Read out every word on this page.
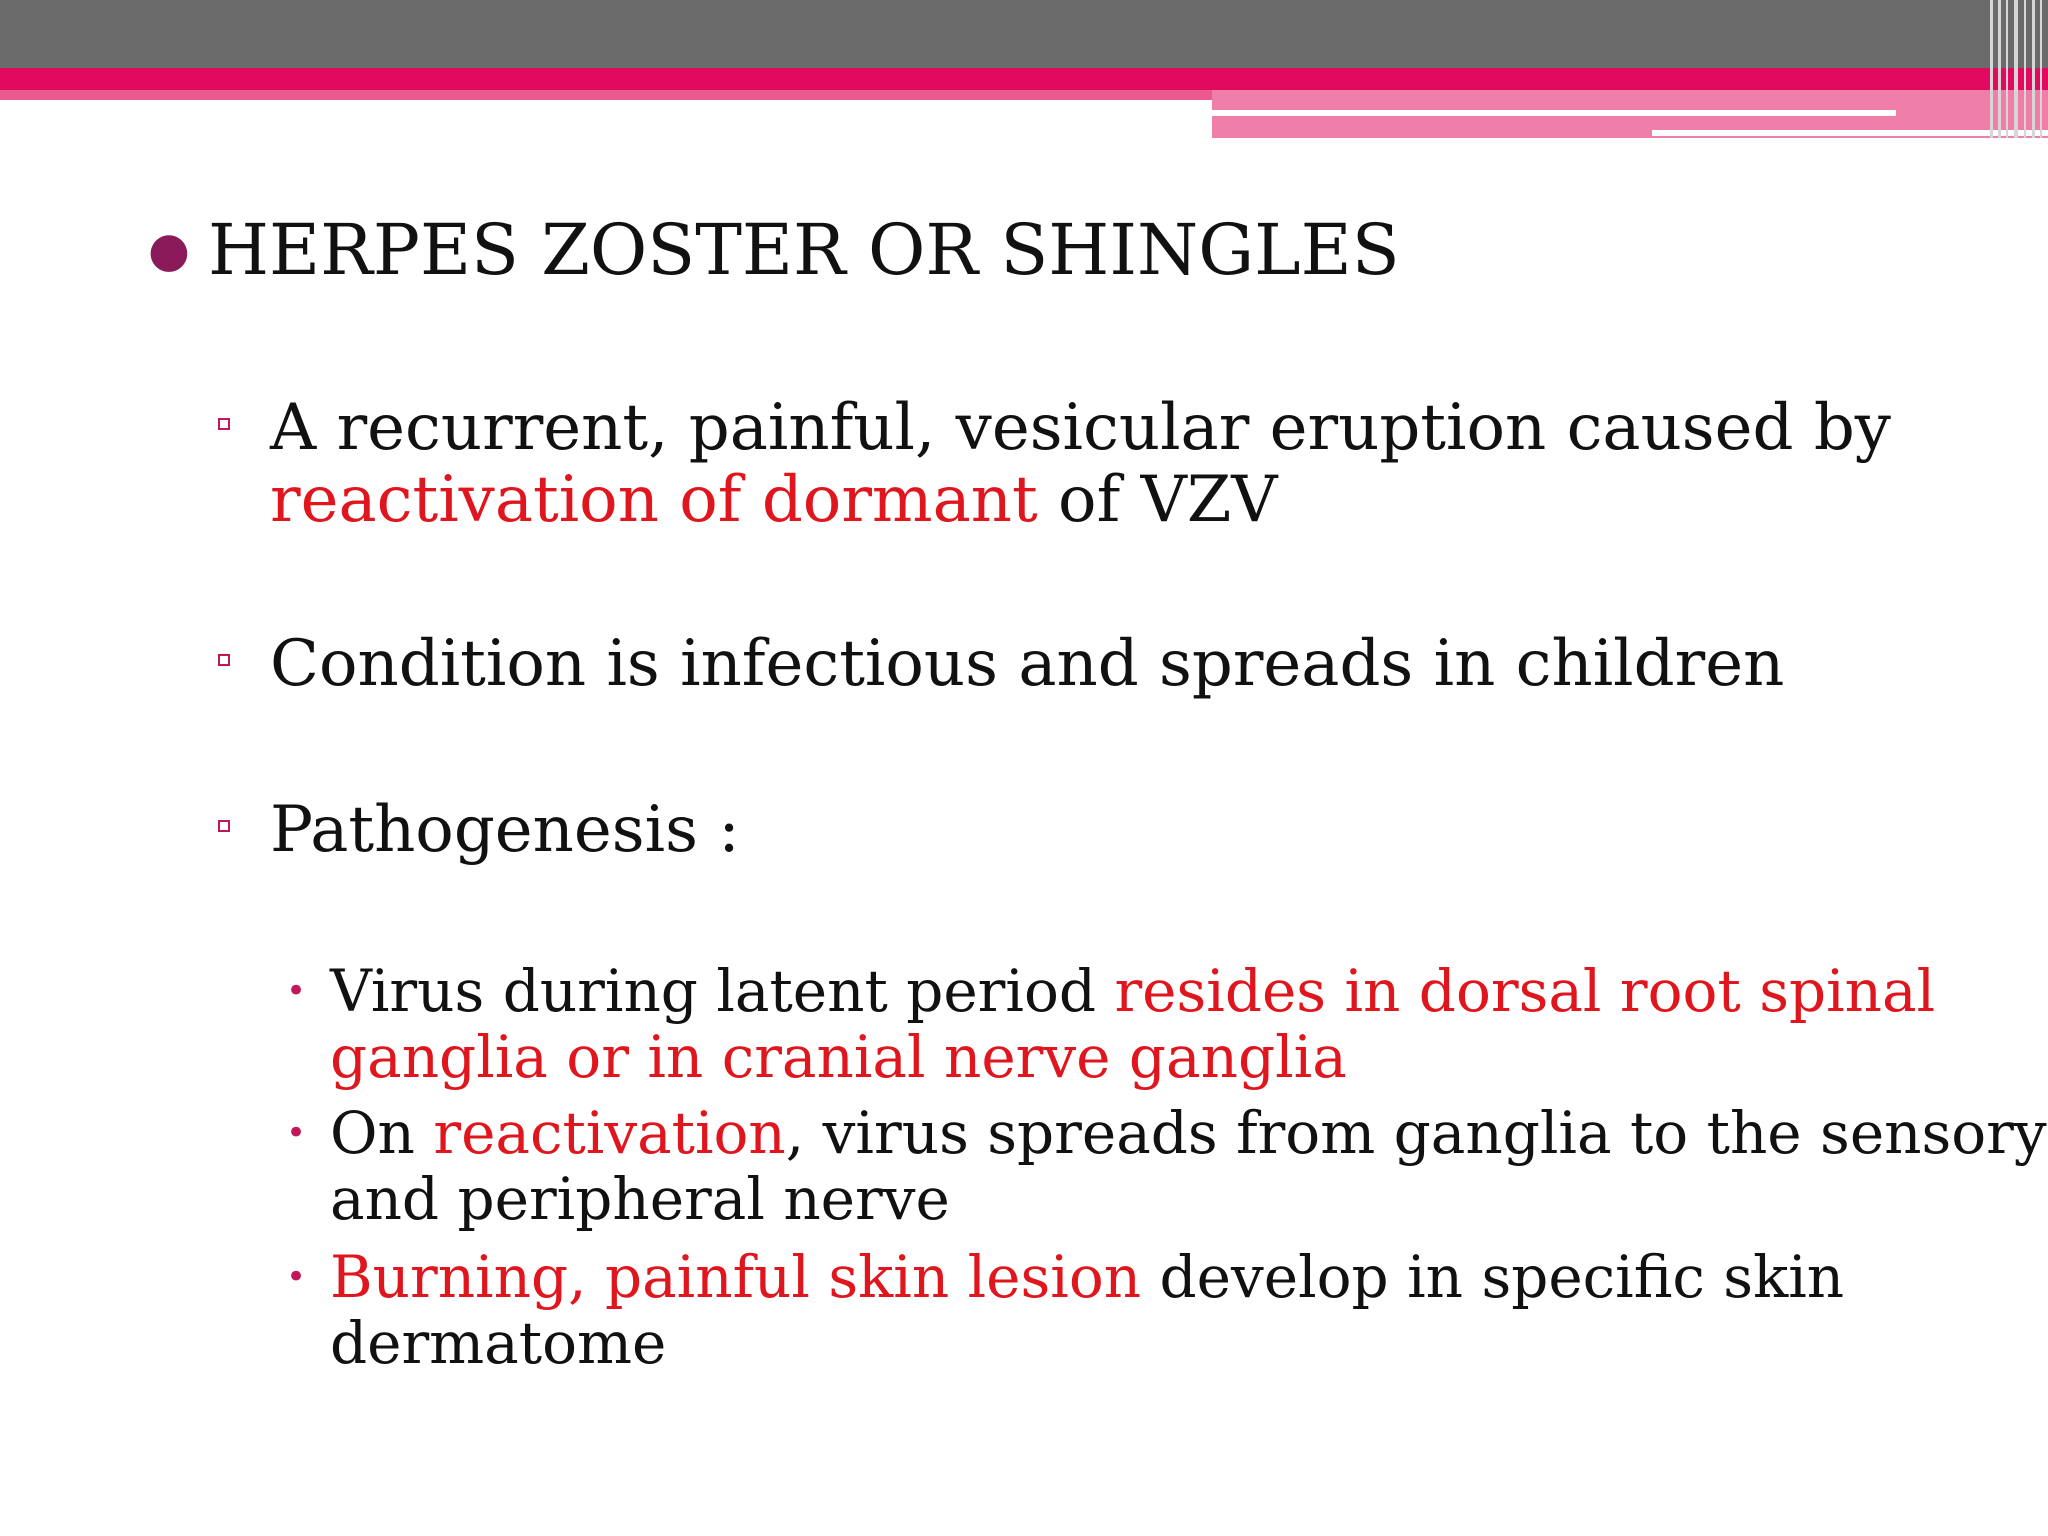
● HERPES ZOSTER OR SHINGLES
A recurrent, painful, vesicular eruption caused by
reactivation of dormant of VZV
Condition is infectious and spreads in children
Pathogenesis :
• Virus during latent period resides in dorsal root spinal
ganglia or in cranial nerve ganglia
• On reactivation, virus spreads from ganglia to the sensory
and peripheral nerve
• Burning, painful skin lesion develop in specific skin
dermatome
